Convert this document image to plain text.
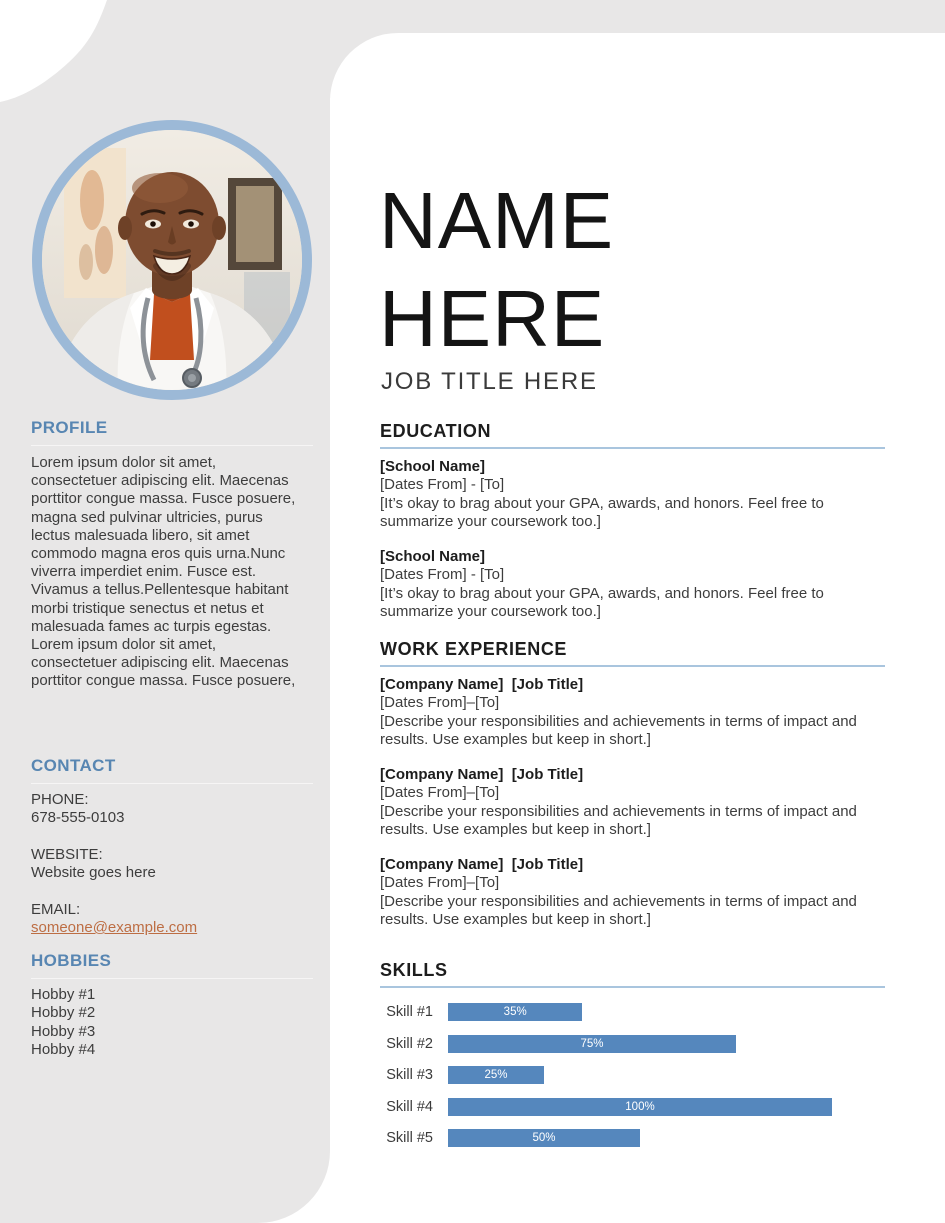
PROFILE
Lorem ipsum dolor sit amet, consectetuer adipiscing elit. Maecenas porttitor congue massa. Fusce posuere, magna sed pulvinar ultricies, purus lectus malesuada libero, sit amet commodo magna eros quis urna.Nunc viverra imperdiet enim. Fusce est. Vivamus a tellus.Pellentesque habitant morbi tristique senectus et netus et malesuada fames ac turpis egestas. Lorem ipsum dolor sit amet, consectetuer adipiscing elit. Maecenas porttitor congue massa. Fusce posuere,
CONTACT
PHONE:
678-555-0103
WEBSITE:
Website goes here
EMAIL:
someone@example.com
HOBBIES
Hobby #1
Hobby #2
Hobby #3
Hobby #4
NAME
HERE
JOB TITLE HERE
EDUCATION
[School Name]
[Dates From] - [To]
[It’s okay to brag about your GPA, awards, and honors. Feel free to summarize your coursework too.]
[School Name]
[Dates From] - [To]
[It’s okay to brag about your GPA, awards, and honors. Feel free to summarize your coursework too.]
WORK EXPERIENCE
[Company Name]  [Job Title]
[Dates From]–[To]
[Describe your responsibilities and achievements in terms of impact and results. Use examples but keep in short.]
[Company Name]  [Job Title]
[Dates From]–[To]
[Describe your responsibilities and achievements in terms of impact and results. Use examples but keep in short.]
[Company Name]  [Job Title]
[Dates From]–[To]
[Describe your responsibilities and achievements in terms of impact and results. Use examples but keep in short.]
SKILLS
Skill #1	35%
Skill #2	75%
Skill #3	25%
Skill #4	100%
Skill #5	50%
